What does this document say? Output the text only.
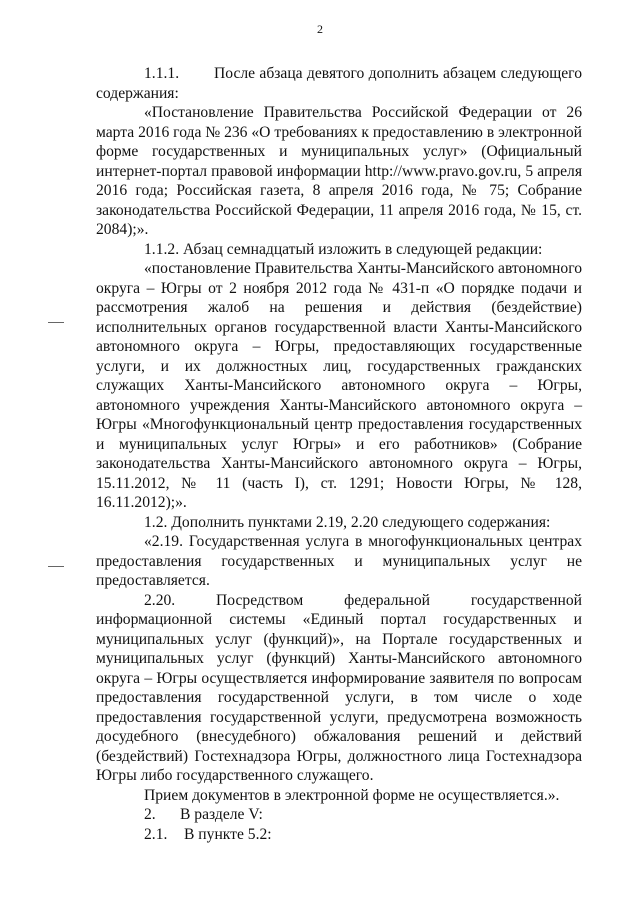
2

1.1.1. После абзаца девятого дополнить абзацем следующего содержания:

«Постановление Правительства Российской Федерации от 26 марта 2016 года № 236 «О требованиях к предоставлению в электронной форме государственных и муниципальных услуг» (Официальный интернет-портал правовой информации http://www.pravo.gov.ru, 5 апреля 2016 года; Российская газета, 8 апреля 2016 года, № 75; Собрание законодательства Российской Федерации, 11 апреля 2016 года, № 15, ст. 2084);».

1.1.2. Абзац семнадцатый изложить в следующей редакции:

«постановление Правительства Ханты-Мансийского автономного округа – Югры от 2 ноября 2012 года № 431-п «О порядке подачи и рассмотрения жалоб на решения и действия (бездействие) исполнительных органов государственной власти Ханты-Мансийского автономного округа – Югры, предоставляющих государственные услуги, и их должностных лиц, государственных гражданских служащих Ханты-Мансийского автономного округа – Югры, автономного учреждения Ханты-Мансийского автономного округа – Югры «Многофункциональный центр предоставления государственных и муниципальных услуг Югры» и его работников» (Собрание законодательства Ханты-Мансийского автономного округа – Югры, 15.11.2012, № 11 (часть I), ст. 1291; Новости Югры, № 128, 16.11.2012);».

1.2. Дополнить пунктами 2.19, 2.20 следующего содержания:

«2.19. Государственная услуга в многофункциональных центрах предоставления государственных и муниципальных услуг не предоставляется.

2.20. Посредством федеральной государственной информационной системы «Единый портал государственных и муниципальных услуг (функций)», на Портале государственных и муниципальных услуг (функций) Ханты-Мансийского автономного округа – Югры осуществляется информирование заявителя по вопросам предоставления государственной услуги, в том числе о ходе предоставления государственной услуги, предусмотрена возможность досудебного (внесудебного) обжалования решений и действий (бездействий) Гостехнадзора Югры, должностного лица Гостехнадзора Югры либо государственного служащего.

Прием документов в электронной форме не осуществляется.».

2. В разделе V:

2.1. В пункте 5.2:
